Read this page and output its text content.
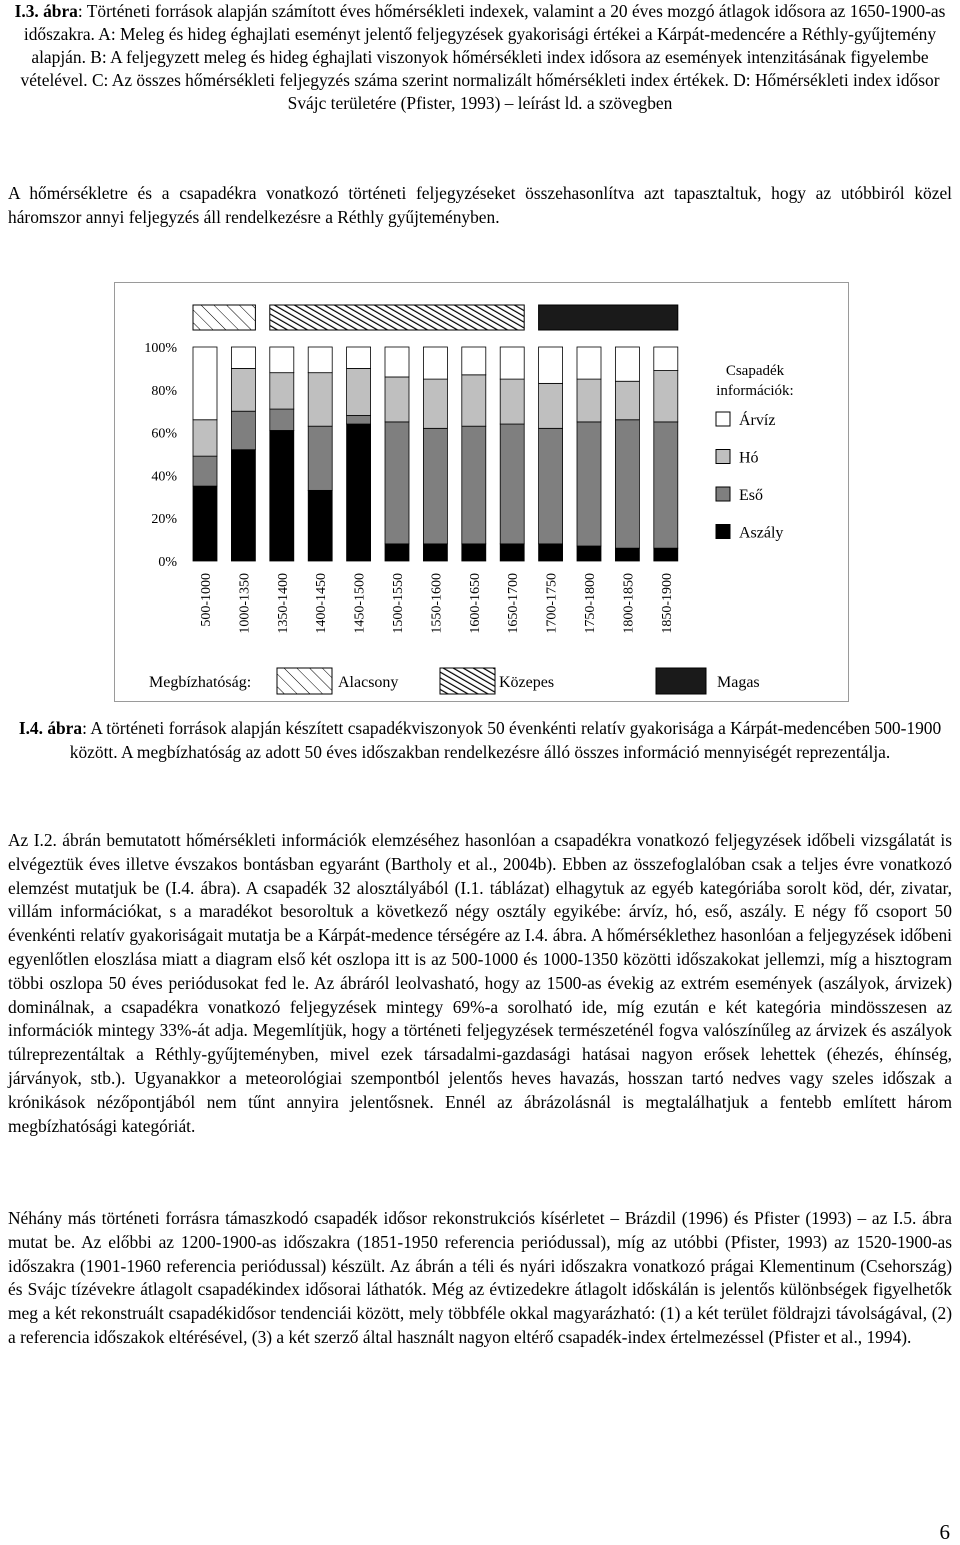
I.3. ábra: Történeti források alapján számított éves hőmérsékleti indexek, valamint a 20 éves mozgó átlagok idősora az 1650-1900-as időszakra. A: Meleg és hideg éghajlati eseményt jelentő feljegyzések gyakorisági értékei a Kárpát-medencére a Réthly-gyűjtemény alapján. B: A feljegyzett meleg és hideg éghajlati viszonyok hőmérsékleti index idősora az események intenzitásának figyelembe vételével. C: Az összes hőmérsékleti feljegyzés száma szerint normalizált hőmérsékleti index értékek. D: Hőmérsékleti index idősor Svájc területére (Pfister, 1993) – leírást ld. a szövegben

A hőmérsékletre és a csapadékra vonatkozó történeti feljegyzéseket összehasonlítva azt tapasztaltuk, hogy az utóbbiról közel háromszor annyi feljegyzés áll rendelkezésre a Réthly gyűjteményben.

0%
20%
40%
60%
80%
100%
500-1000 1000-1350 1350-1400 1400-1450 1450-1500 1500-1550 1550-1600 1600-1650 1650-1700 1700-1750 1750-1800 1800-1850 1850-1900
Csapadék
információk:
Árvíz
Hó
Eső
Aszály
Megbízhatóság:	Alacsony	Közepes	Magas
I.4. ábra: A történeti források alapján készített csapadékviszonyok 50 évenkénti relatív gyakorisága a Kárpát-medencében 500-1900 között. A megbízhatóság az adott 50 éves időszakban rendelkezésre álló összes információ mennyiségét reprezentálja.

Az I.2. ábrán bemutatott hőmérsékleti információk elemzéséhez hasonlóan a csapadékra vonatkozó feljegyzések időbeli vizsgálatát is elvégeztük éves illetve évszakos bontásban egyaránt (Bartholy et al., 2004b). Ebben az összefoglalóban csak a teljes évre vonatkozó elemzést mutatjuk be (I.4. ábra). A csapadék 32 alosztályából (I.1. táblázat) elhagytuk az egyéb kategóriába sorolt köd, dér, zivatar, villám információkat, s a maradékot besoroltuk a következő négy osztály egyikébe: árvíz, hó, eső, aszály. E négy fő csoport 50 évenkénti relatív gyakoriságait mutatja be a Kárpát-medence térségére az I.4. ábra. A hőmérséklethez hasonlóan a feljegyzések időbeni egyenlőtlen eloszlása miatt a diagram első két oszlopa itt is az 500-1000 és 1000-1350 közötti időszakokat jellemzi, míg a hisztogram többi oszlopa 50 éves periódusokat fed le. Az ábráról leolvasható, hogy az 1500-as évekig az extrém események (aszályok, árvizek) dominálnak, a csapadékra vonatkozó feljegyzések mintegy 69%-a sorolható ide, míg ezután e két kategória mindösszesen az információk mintegy 33%-át adja. Megemlítjük, hogy a történeti feljegyzések természeténél fogva valószínűleg az árvizek és aszályok túlreprezentáltak a Réthly-gyűjteményben, mivel ezek társadalmi-gazdasági hatásai nagyon erősek lehettek (éhezés, éhínség, járványok, stb.). Ugyanakkor a meteorológiai szempontból jelentős heves havazás, hosszan tartó nedves vagy szeles időszak a krónikások nézőpontjából nem tűnt annyira jelentősnek. Ennél az ábrázolásnál is megtalálhatjuk a fentebb említett három megbízhatósági kategóriát.

Néhány más történeti forrásra támaszkodó csapadék idősor rekonstrukciós kísérletet – Brázdil (1996) és Pfister (1993) – az I.5. ábra mutat be. Az előbbi az 1200-1900-as időszakra (1851-1950 referencia periódussal), míg az utóbbi (Pfister, 1993) az 1520-1900-as időszakra (1901-1960 referencia periódussal) készült. Az ábrán a téli és nyári időszakra vonatkozó prágai Klementinum (Csehország) és Svájc tízévekre átlagolt csapadékindex idősorai láthatók. Még az évtizedekre átlagolt időskálán is jelentős különbségek figyelhetők meg a két rekonstruált csapadékidősor tendenciái között, mely többféle okkal magyarázható: (1) a két terület földrajzi távolságával, (2) a referencia időszakok eltérésével, (3) a két szerző által használt nagyon eltérő csapadék-index értelmezéssel (Pfister et al., 1994).

6
